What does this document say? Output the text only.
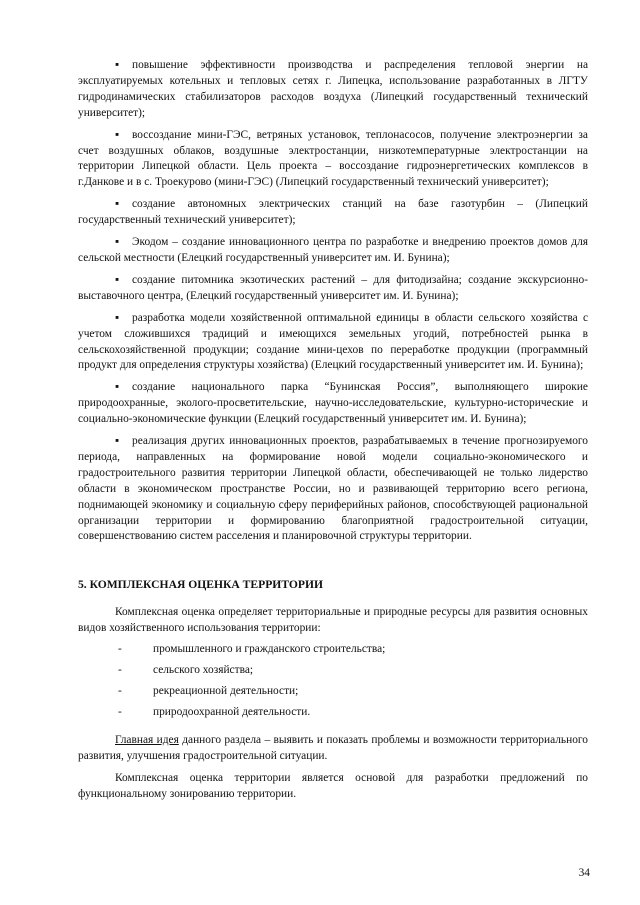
▪ повышение эффективности производства и распределения тепловой энергии на эксплуатируемых котельных и тепловых сетях г. Липецка, использование разработанных в ЛГТУ гидродинамических стабилизаторов расходов воздуха (Липецкий государственный технический университет);

▪ воссоздание мини-ГЭС, ветряных установок, теплонасосов, получение электроэнергии за счет воздушных облаков, воздушные электростанции, низкотемпературные электростанции на территории Липецкой области. Цель проекта – воссоздание гидроэнергетических комплексов в г.Данкове и в с. Троекурово (мини-ГЭС) (Липецкий государственный технический университет);

▪ создание автономных электрических станций на базе газотурбин – (Липецкий государственный технический университет);

▪ Экодом – создание инновационного центра по разработке и внедрению проектов домов для сельской местности (Елецкий государственный университет им. И. Бунина);

▪ создание питомника экзотических растений – для фитодизайна; создание экскурсионно-выставочного центра, (Елецкий государственный университет им. И. Бунина);

▪ разработка модели хозяйственной оптимальной единицы в области сельского хозяйства с учетом сложившихся традиций и имеющихся земельных угодий, потребностей рынка в сельскохозяйственной продукции; создание мини-цехов по переработке продукции (программный продукт для определения структуры хозяйства) (Елецкий государственный университет им. И. Бунина);

▪ создание национального парка “Бунинская Россия”, выполняющего широкие природоохранные, эколого-просветительские, научно-исследовательские, культурно-исторические и социально-экономические функции (Елецкий государственный университет им. И. Бунина);

▪ реализация других инновационных проектов, разрабатываемых в течение прогнозируемого периода, направленных на формирование новой модели социально-экономического и градостроительного развития территории Липецкой области, обеспечивающей не только лидерство области в экономическом пространстве России, но и развивающей территорию всего региона, поднимающей экономику и социальную сферу периферийных районов, способствующей рациональной организации территории и формированию благоприятной градостроительной ситуации, совершенствованию систем расселения и планировочной структуры территории.

5. КОМПЛЕКСНАЯ ОЦЕНКА ТЕРРИТОРИИ

Комплексная оценка определяет территориальные и природные ресурсы для развития основных видов хозяйственного использования территории:

-	промышленного и гражданского строительства;
-	сельского хозяйства;
-	рекреационной деятельности;
-	природоохранной деятельности.

Главная идея данного раздела – выявить и показать проблемы и возможности территориального развития, улучшения градостроительной ситуации.

Комплексная оценка территории является основой для разработки предложений по функциональному зонированию территории.

34
